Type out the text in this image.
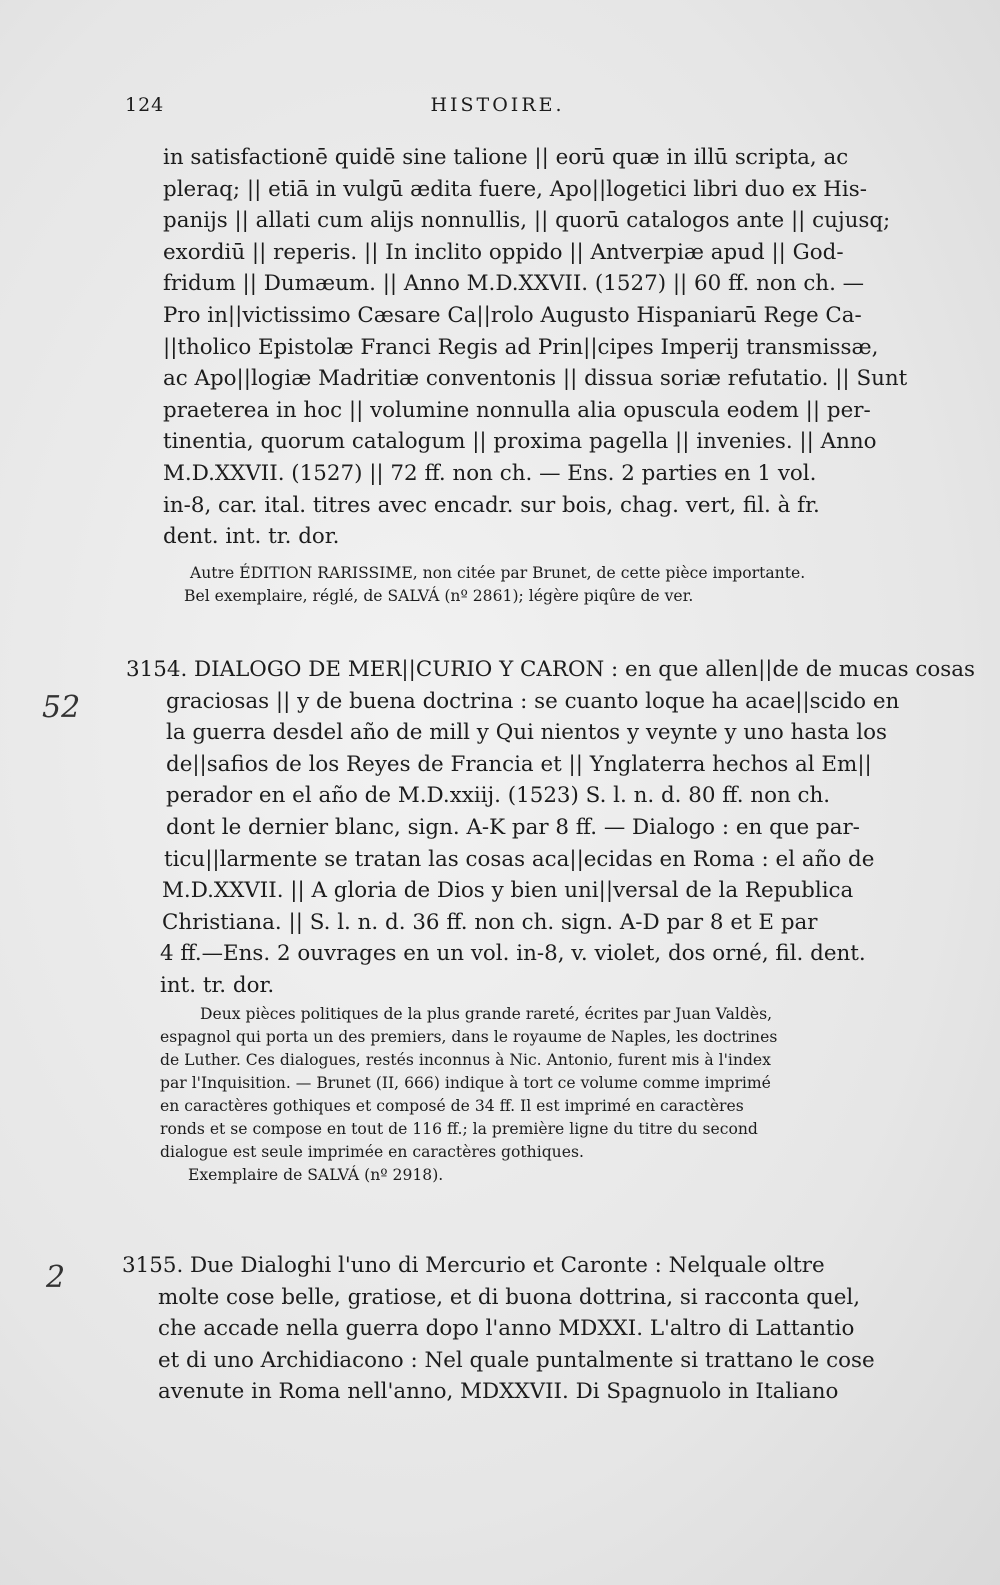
124	HISTOIRE.
in satisfactionē quidē sine talione || eorū quæ in illū scripta, ac
pleraq; || etiā in vulgū ædita fuere, Apo||logetici libri duo ex His-
panijs || allati cum alijs nonnullis, || quorū catalogos ante || cujusq;
exordiū || reperis. || In inclito oppido || Antverpiæ apud || God-
fridum || Dumæum. || Anno M.D.XXVII. (1527) || 60 ff. non ch. —
Pro in||victissimo Cæsare Ca||rolo Augusto Hispaniarū Rege Ca-
||tholico Epistolæ Franci Regis ad Prin||cipes Imperij transmissæ,
ac Apo||logiæ Madritiæ conventonis || dissua soriæ refutatio. || Sunt
praeterea in hoc || volumine nonnulla alia opuscula eodem || per-
tinentia, quorum catalogum || proxima pagella || invenies. || Anno
M.D.XXVII. (1527) || 72 ff. non ch. — Ens. 2 parties en 1 vol.
in-8, car. ital. titres avec encadr. sur bois, chag. vert, fil. à fr.
dent. int. tr. dor.
Autre ÉDITION RARISSIME, non citée par Brunet, de cette pièce importante.
Bel exemplaire, réglé, de SALVÁ (nº 2861); légère piqûre de ver.
3154. DIALOGO DE MER||CURIO Y CARON : en que allen||de de mucas cosas
graciosas || y de buena doctrina : se cuanto loque ha acae||scido en
la guerra desdel año de mill y Qui nientos y veynte y uno hasta los
de||safios de los Reyes de Francia et || Ynglaterra hechos al Em||
perador en el año de M.D.xxiij. (1523) S. l. n. d. 80 ff. non ch.
dont le dernier blanc, sign. A-K par 8 ff. — Dialogo : en que par-
ticu||larmente se tratan las cosas aca||ecidas en Roma : el año de
M.D.XXVII. || A gloria de Dios y bien uni||versal de la Republica
Christiana. || S. l. n. d. 36 ff. non ch. sign. A-D par 8 et E par
4 ff.—Ens. 2 ouvrages en un vol. in-8, v. violet, dos orné, fil. dent.
int. tr. dor.
Deux pièces politiques de la plus grande rareté, écrites par Juan Valdès,
espagnol qui porta un des premiers, dans le royaume de Naples, les doctrines
de Luther. Ces dialogues, restés inconnus à Nic. Antonio, furent mis à l'index
par l'Inquisition. — Brunet (II, 666) indique à tort ce volume comme imprimé
en caractères gothiques et composé de 34 ff. Il est imprimé en caractères
ronds et se compose en tout de 116 ff.; la première ligne du titre du second
dialogue est seule imprimée en caractères gothiques.
Exemplaire de SALVÁ (nº 2918).
3155. Due Dialoghi l'uno di Mercurio et Caronte : Nelquale oltre
molte cose belle, gratiose, et di buona dottrina, si racconta quel,
che accade nella guerra dopo l'anno MDXXI. L'altro di Lattantio
et di uno Archidiacono : Nel quale puntalmente si trattano le cose
avenute in Roma nell'anno, MDXXVII. Di Spagnuolo in Italiano
52
2
